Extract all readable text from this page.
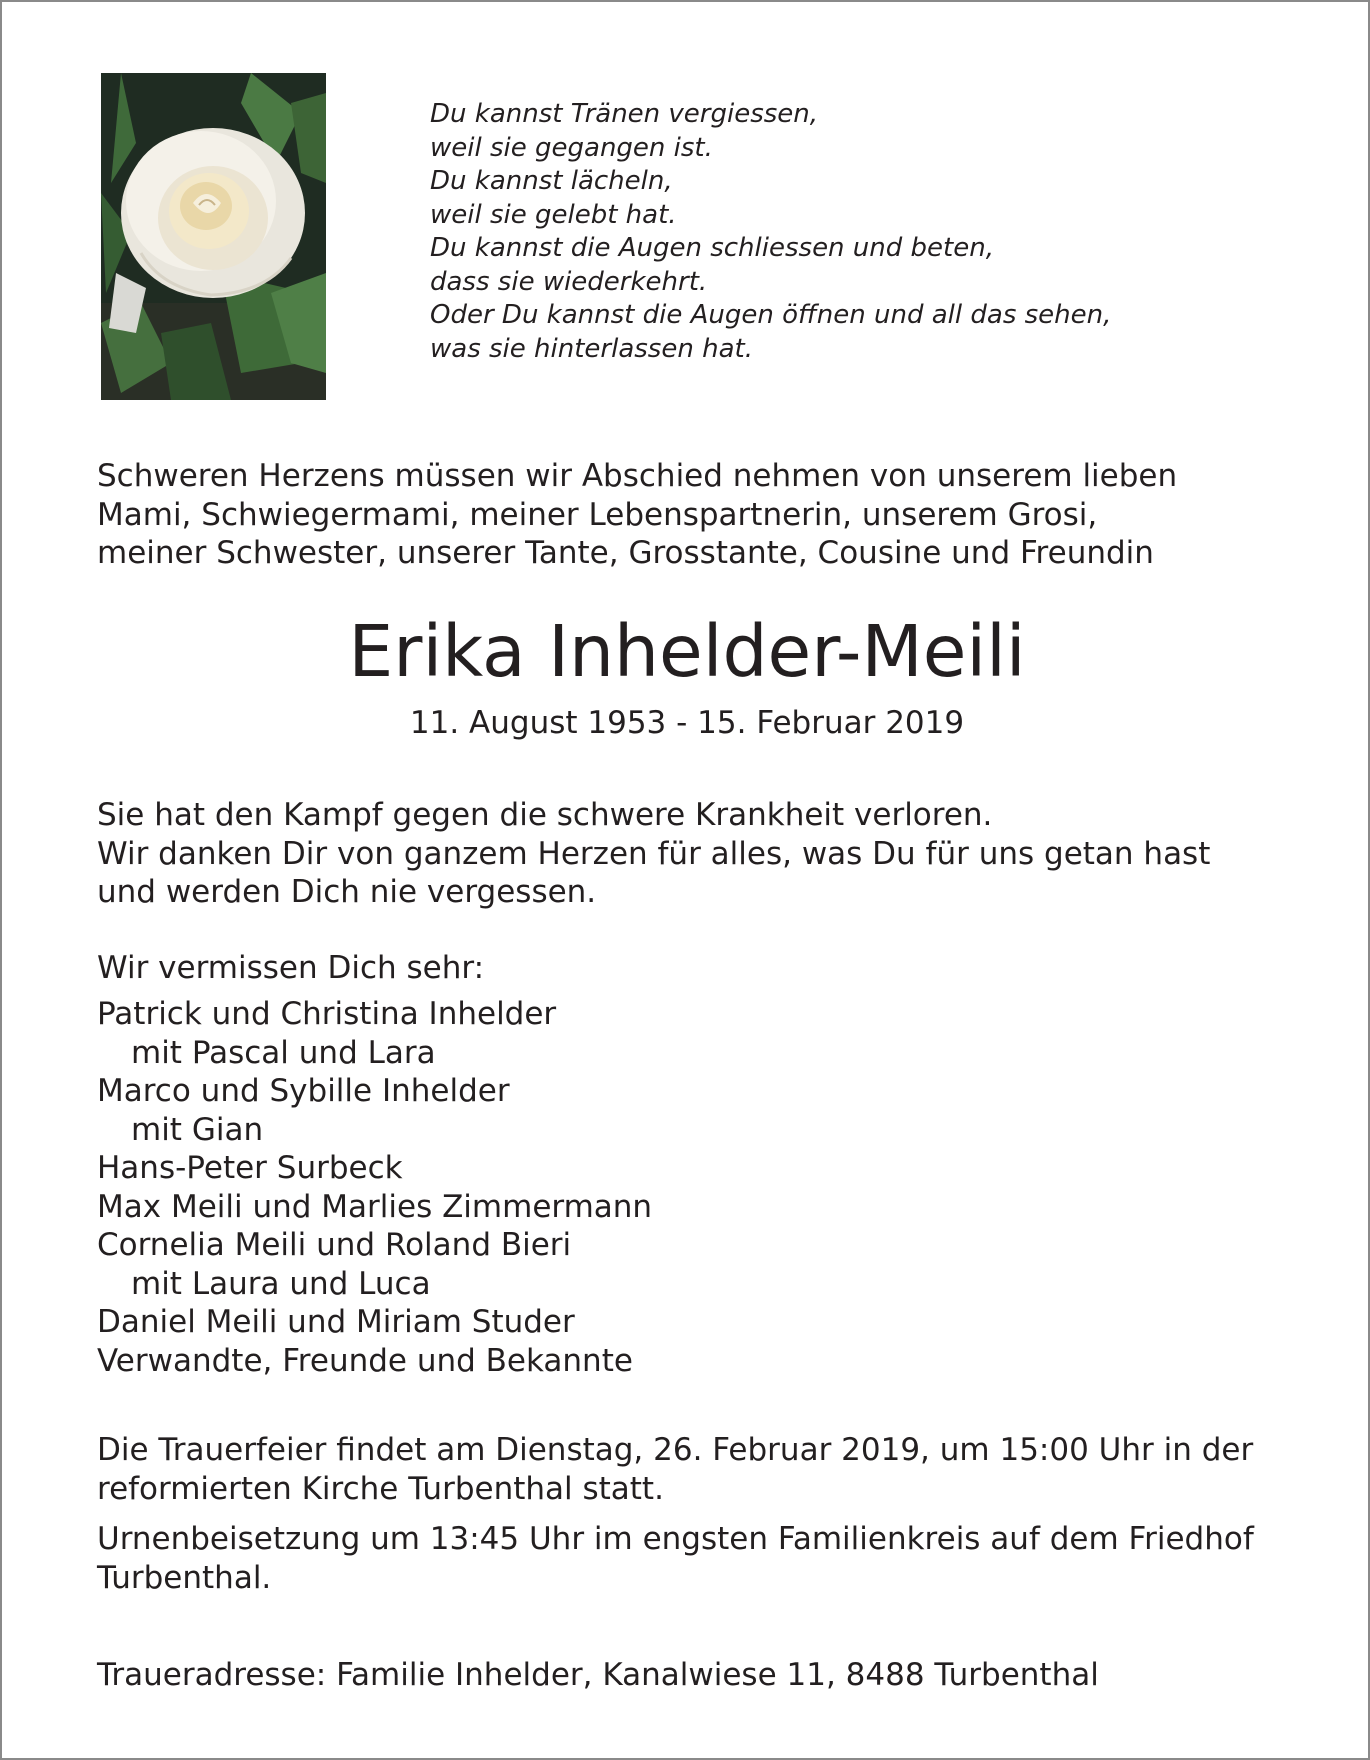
Du kannst Tränen vergiessen,
weil sie gegangen ist.
Du kannst lächeln,
weil sie gelebt hat.
Du kannst die Augen schliessen und beten,
dass sie wiederkehrt.
Oder Du kannst die Augen öffnen und all das sehen,
was sie hinterlassen hat.
Schweren Herzens müssen wir Abschied nehmen von unserem lieben
Mami, Schwiegermami, meiner Lebenspartnerin, unserem Grosi,
meiner Schwester, unserer Tante, Grosstante, Cousine und Freundin
Erika Inhelder-Meili
11. August 1953 - 15. Februar 2019
Sie hat den Kampf gegen die schwere Krankheit verloren.
Wir danken Dir von ganzem Herzen für alles, was Du für uns getan hast
und werden Dich nie vergessen.
Wir vermissen Dich sehr:
Patrick und Christina Inhelder
mit Pascal und Lara
Marco und Sybille Inhelder
mit Gian
Hans-Peter Surbeck
Max Meili und Marlies Zimmermann
Cornelia Meili und Roland Bieri
mit Laura und Luca
Daniel Meili und Miriam Studer
Verwandte, Freunde und Bekannte
Die Trauerfeier findet am Dienstag, 26. Februar 2019, um 15:00 Uhr in der
reformierten Kirche Turbenthal statt.
Urnenbeisetzung um 13:45 Uhr im engsten Familienkreis auf dem Friedhof
Turbenthal.
Traueradresse: Familie Inhelder, Kanalwiese 11, 8488 Turbenthal
